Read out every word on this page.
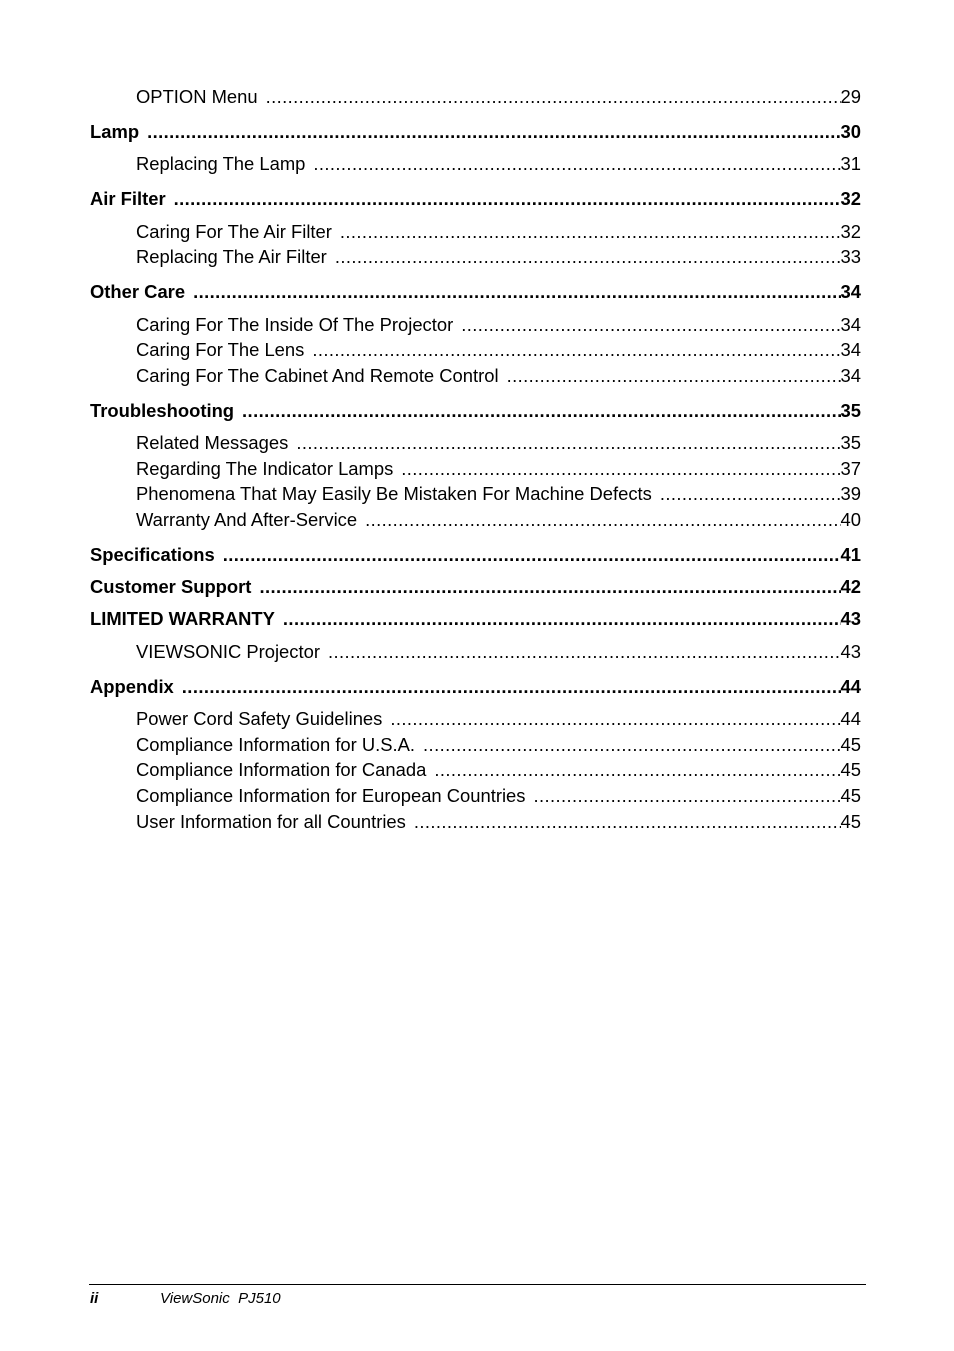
OPTION Menu .....	29
Lamp .....	30
Replacing The Lamp .....	31
Air Filter .....	32
Caring For The Air Filter .....	32
Replacing The Air Filter .....	33
Other Care .....	34
Caring For The Inside Of The Projector .....	34
Caring For The Lens .....	34
Caring For The Cabinet And Remote Control .....	34
Troubleshooting .....	35
Related Messages .....	35
Regarding The Indicator Lamps .....	37
Phenomena That May Easily Be Mistaken For Machine Defects .....	39
Warranty And After-Service .....	40
Specifications .....	41
Customer Support .....	42
LIMITED WARRANTY .....	43
VIEWSONIC Projector .....	43
Appendix .....	44
Power Cord Safety Guidelines .....	44
Compliance Information for U.S.A. .....	45
Compliance Information for Canada .....	45
Compliance Information for European Countries .....	45
User Information for all Countries .....	45
ii	ViewSonic  PJ510
